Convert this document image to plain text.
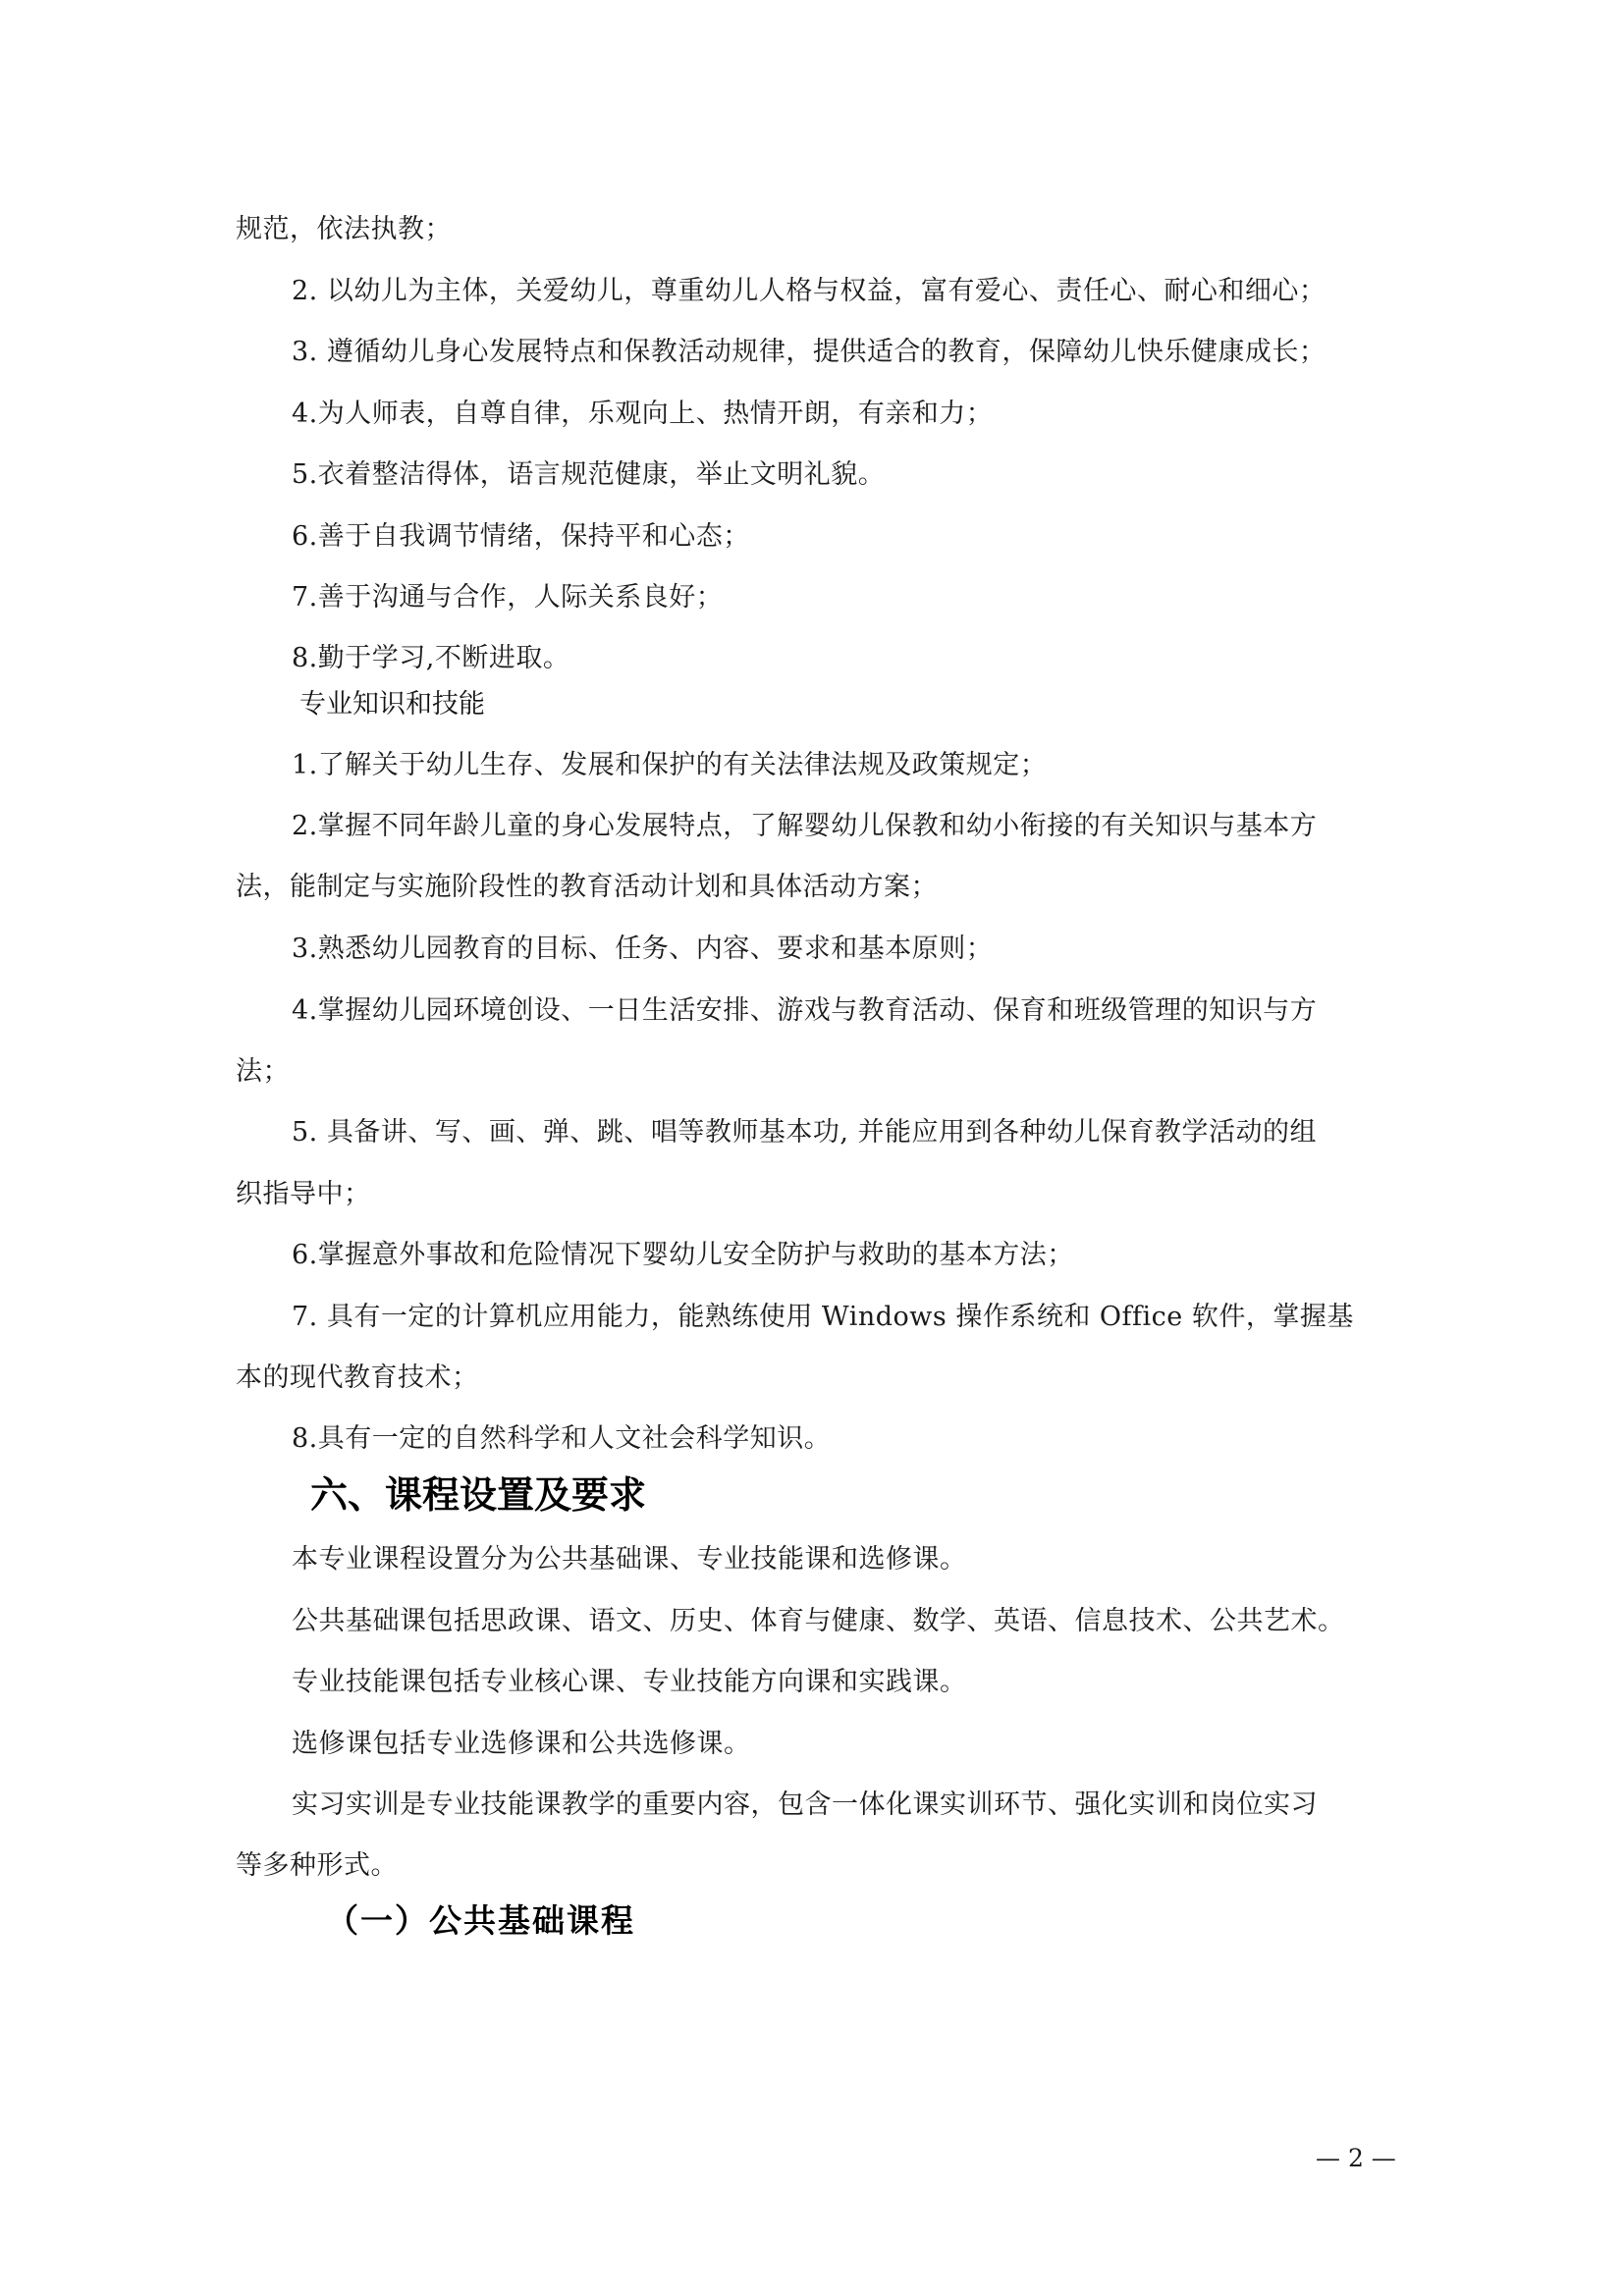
规范，依法执教；
2. 以幼儿为主体，关爱幼儿，尊重幼儿人格与权益，富有爱心、责任心、耐心和细心；
3. 遵循幼儿身心发展特点和保教活动规律，提供适合的教育，保障幼儿快乐健康成长；
4.为人师表，自尊自律，乐观向上、热情开朗，有亲和力；
5.衣着整洁得体，语言规范健康，举止文明礼貌。
6.善于自我调节情绪，保持平和心态；
7.善于沟通与合作，人际关系良好；
8.勤于学习,不断进取。
专业知识和技能
1.了解关于幼儿生存、发展和保护的有关法律法规及政策规定；
2.掌握不同年龄儿童的身心发展特点，了解婴幼儿保教和幼小衔接的有关知识与基本方
法，能制定与实施阶段性的教育活动计划和具体活动方案；
3.熟悉幼儿园教育的目标、任务、内容、要求和基本原则；
4.掌握幼儿园环境创设、一日生活安排、游戏与教育活动、保育和班级管理的知识与方
法；
5. 具备讲、写、画、弹、跳、唱等教师基本功, 并能应用到各种幼儿保育教学活动的组
织指导中；
6.掌握意外事故和危险情况下婴幼儿安全防护与救助的基本方法；
7. 具有一定的计算机应用能力，能熟练使用 Windows 操作系统和 Office 软件，掌握基
本的现代教育技术；
8.具有一定的自然科学和人文社会科学知识。
六、课程设置及要求
本专业课程设置分为公共基础课、专业技能课和选修课。
公共基础课包括思政课、语文、历史、体育与健康、数学、英语、信息技术、公共艺术。
专业技能课包括专业核心课、专业技能方向课和实践课。
选修课包括专业选修课和公共选修课。
实习实训是专业技能课教学的重要内容，包含一体化课实训环节、强化实训和岗位实习
等多种形式。
（一）公共基础课程
— 2 —
